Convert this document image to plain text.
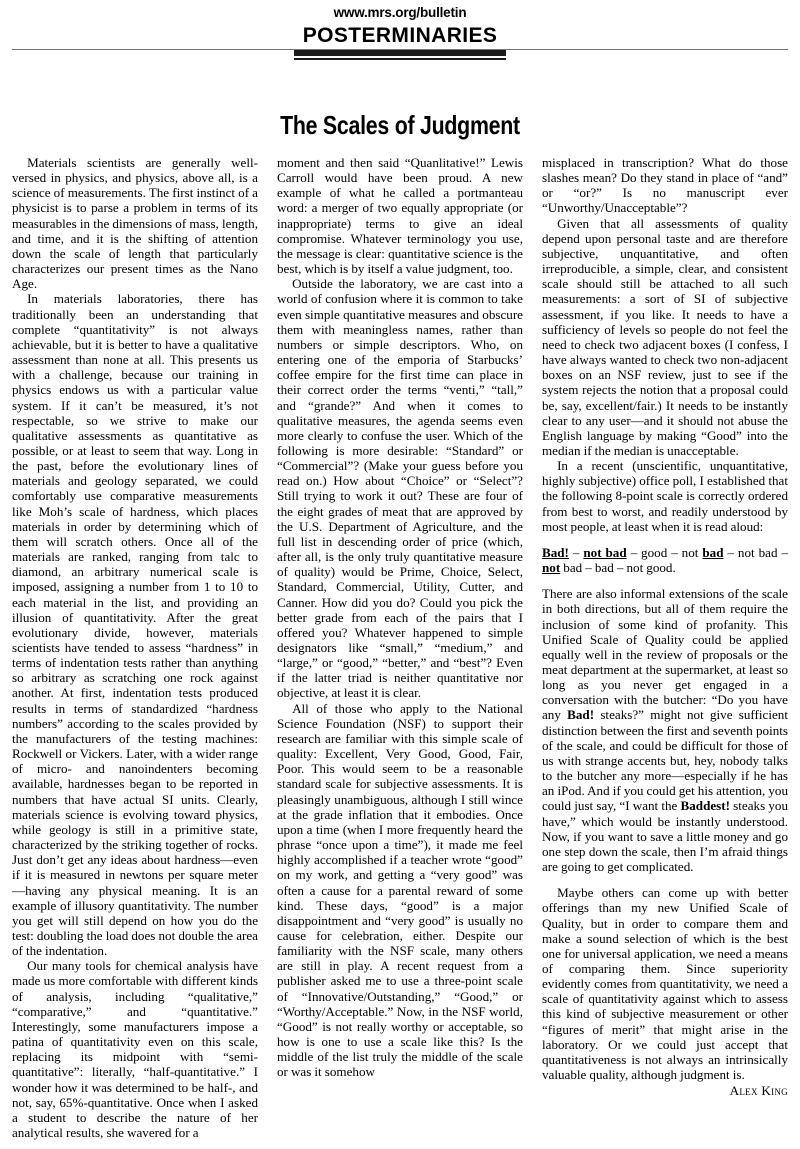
www.mrs.org/bulletin
POSTERMINARIES
The Scales of Judgment

Materials scientists are generally well-versed in physics, and physics, above all, is a science of measurements. The first instinct of a physicist is to parse a problem in terms of its measurables in the dimensions of mass, length, and time, and it is the shifting of attention down the scale of length that particularly characterizes our present times as the Nano Age.

In materials laboratories, there has traditionally been an understanding that complete “quantitativity” is not always achievable, but it is better to have a qualitative assessment than none at all. This presents us with a challenge, because our training in physics endows us with a particular value system. If it can’t be measured, it’s not respectable, so we strive to make our qualitative assessments as quantitative as possible, or at least to seem that way. Long in the past, before the evolutionary lines of materials and geology separated, we could comfortably use comparative measurements like Moh’s scale of hardness, which places materials in order by determining which of them will scratch others. Once all of the materials are ranked, ranging from talc to diamond, an arbitrary numerical scale is imposed, assigning a number from 1 to 10 to each material in the list, and providing an illusion of quantitativity. After the great evolutionary divide, however, materials scientists have tended to assess “hardness” in terms of indentation tests rather than anything so arbitrary as scratching one rock against another. At first, indentation tests produced results in terms of standardized “hardness numbers” according to the scales provided by the manufacturers of the testing machines: Rockwell or Vickers. Later, with a wider range of micro- and nanoindenters becoming available, hardnesses began to be reported in numbers that have actual SI units. Clearly, materials science is evolving toward physics, while geology is still in a primitive state, characterized by the striking together of rocks. Just don’t get any ideas about hardness—even if it is measured in newtons per square meter—having any physical meaning. It is an example of illusory quantitativity. The number you get will still depend on how you do the test: doubling the load does not double the area of the indentation.

Our many tools for chemical analysis have made us more comfortable with different kinds of analysis, including “qualitative,” “comparative,” and “quantitative.” Interestingly, some manufacturers impose a patina of quantitativity even on this scale, replacing its midpoint with “semi-quantitative”: literally, “half-quantitative.” I wonder how it was determined to be half-, and not, say, 65%-quantitative. Once when I asked a student to describe the nature of her analytical results, she wavered for a

moment and then said “Quanlitative!” Lewis Carroll would have been proud. A new example of what he called a portmanteau word: a merger of two equally appropriate (or inappropriate) terms to give an ideal compromise. Whatever terminology you use, the message is clear: quantitative science is the best, which is by itself a value judgment, too.

Outside the laboratory, we are cast into a world of confusion where it is common to take even simple quantitative measures and obscure them with meaningless names, rather than numbers or simple descriptors. Who, on entering one of the emporia of Starbucks’ coffee empire for the first time can place in their correct order the terms “venti,” “tall,” and “grande?” And when it comes to qualitative measures, the agenda seems even more clearly to confuse the user. Which of the following is more desirable: “Standard” or “Commercial”? (Make your guess before you read on.) How about “Choice” or “Select”? Still trying to work it out? These are four of the eight grades of meat that are approved by the U.S. Department of Agriculture, and the full list in descending order of price (which, after all, is the only truly quantitative measure of quality) would be Prime, Choice, Select, Standard, Commercial, Utility, Cutter, and Canner. How did you do? Could you pick the better grade from each of the pairs that I offered you? Whatever happened to simple designators like “small,” “medium,” and “large,” or “good,” “better,” and “best”? Even if the latter triad is neither quantitative nor objective, at least it is clear.

All of those who apply to the National Science Foundation (NSF) to support their research are familiar with this simple scale of quality: Excellent, Very Good, Good, Fair, Poor. This would seem to be a reasonable standard scale for subjective assessments. It is pleasingly unambiguous, although I still wince at the grade inflation that it embodies. Once upon a time (when I more frequently heard the phrase “once upon a time”), it made me feel highly accomplished if a teacher wrote “good” on my work, and getting a “very good” was often a cause for a parental reward of some kind. These days, “good” is a major disappointment and “very good” is usually no cause for celebration, either. Despite our familiarity with the NSF scale, many others are still in play. A recent request from a publisher asked me to use a three-point scale of “Innovative/Outstanding,” “Good,” or “Worthy/Acceptable.” Now, in the NSF world, “Good” is not really worthy or acceptable, so how is one to use a scale like this? Is the middle of the list truly the middle of the scale or was it somehow

misplaced in transcription? What do those slashes mean? Do they stand in place of “and” or “or?” Is no manuscript ever “Unworthy/Unacceptable”?

Given that all assessments of quality depend upon personal taste and are therefore subjective, unquantitative, and often irreproducible, a simple, clear, and consistent scale should still be attached to all such measurements: a sort of SI of subjective assessment, if you like. It needs to have a sufficiency of levels so people do not feel the need to check two adjacent boxes (I confess, I have always wanted to check two non-adjacent boxes on an NSF review, just to see if the system rejects the notion that a proposal could be, say, excellent/fair.) It needs to be instantly clear to any user—and it should not abuse the English language by making “Good” into the median if the median is unacceptable.

In a recent (unscientific, unquantitative, highly subjective) office poll, I established that the following 8-point scale is correctly ordered from best to worst, and readily understood by most people, at least when it is read aloud:

Bad! – not bad – good – not bad – not bad – not bad – bad – not good.

There are also informal extensions of the scale in both directions, but all of them require the inclusion of some kind of profanity. This Unified Scale of Quality could be applied equally well in the review of proposals or the meat department at the supermarket, at least so long as you never get engaged in a conversation with the butcher: “Do you have any Bad! steaks?” might not give sufficient distinction between the first and seventh points of the scale, and could be difficult for those of us with strange accents but, hey, nobody talks to the butcher any more—especially if he has an iPod. And if you could get his attention, you could just say, “I want the Baddest! steaks you have,” which would be instantly understood. Now, if you want to save a little money and go one step down the scale, then I’m afraid things are going to get complicated.

Maybe others can come up with better offerings than my new Unified Scale of Quality, but in order to compare them and make a sound selection of which is the best one for universal application, we need a means of comparing them. Since superiority evidently comes from quantitativity, we need a scale of quantitativity against which to assess this kind of subjective measurement or other “figures of merit” that might arise in the laboratory. Or we could just accept that quantitativeness is not always an intrinsically valuable quality, although judgment is.

Alex King
